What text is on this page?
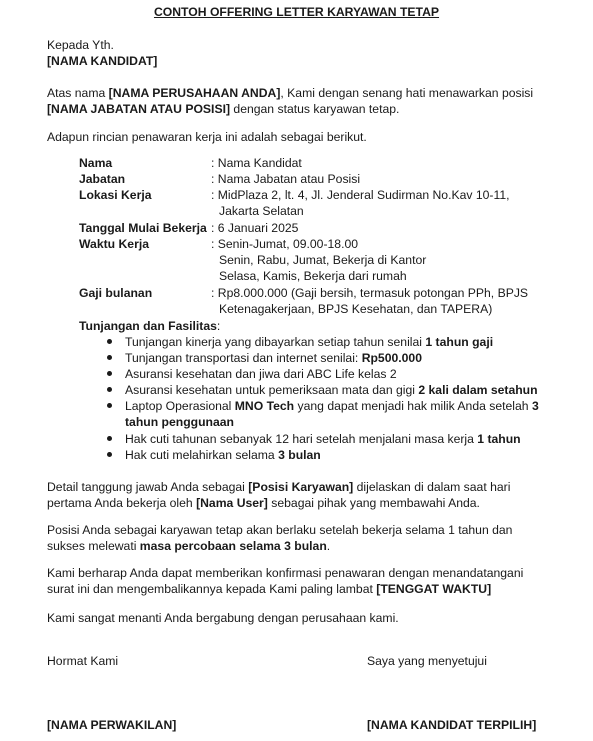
CONTOH OFFERING LETTER KARYAWAN TETAP
Kepada Yth.
[NAMA KANDIDAT]
Atas nama [NAMA PERUSAHAAN ANDA], Kami dengan senang hati menawarkan posisi
[NAMA JABATAN ATAU POSISI] dengan status karyawan tetap.
Adapun rincian penawaran kerja ini adalah sebagai berikut.
Nama	: Nama Kandidat
Jabatan	: Nama Jabatan atau Posisi
Lokasi Kerja	: MidPlaza 2, lt. 4, Jl. Jenderal Sudirman No.Kav 10-11,
Jakarta Selatan
Tanggal Mulai Bekerja : 6 Januari 2025
Waktu Kerja	: Senin-Jumat, 09.00-18.00
Senin, Rabu, Jumat, Bekerja di Kantor
Selasa, Kamis, Bekerja dari rumah
Gaji bulanan	: Rp8.000.000 (Gaji bersih, termasuk potongan PPh, BPJS
Ketenagakerjaan, BPJS Kesehatan, dan TAPERA)
Tunjangan dan Fasilitas:
Tunjangan kinerja yang dibayarkan setiap tahun senilai 1 tahun gaji
Tunjangan transportasi dan internet senilai: Rp500.000
Asuransi kesehatan dan jiwa dari ABC Life kelas 2
Asuransi kesehatan untuk pemeriksaan mata dan gigi 2 kali dalam setahun
Laptop Operasional MNO Tech yang dapat menjadi hak milik Anda setelah 3
tahun penggunaan
Hak cuti tahunan sebanyak 12 hari setelah menjalani masa kerja 1 tahun
Hak cuti melahirkan selama 3 bulan
Detail tanggung jawab Anda sebagai [Posisi Karyawan] dijelaskan di dalam saat hari
pertama Anda bekerja oleh [Nama User] sebagai pihak yang membawahi Anda.
Posisi Anda sebagai karyawan tetap akan berlaku setelah bekerja selama 1 tahun dan
sukses melewati masa percobaan selama 3 bulan.
Kami berharap Anda dapat memberikan konfirmasi penawaran dengan menandatangani
surat ini dan mengembalikannya kepada Kami paling lambat [TENGGAT WAKTU]
Kami sangat menanti Anda bergabung dengan perusahaan kami.
Hormat Kami	Saya yang menyetujui
[NAMA PERWAKILAN]	[NAMA KANDIDAT TERPILIH]
